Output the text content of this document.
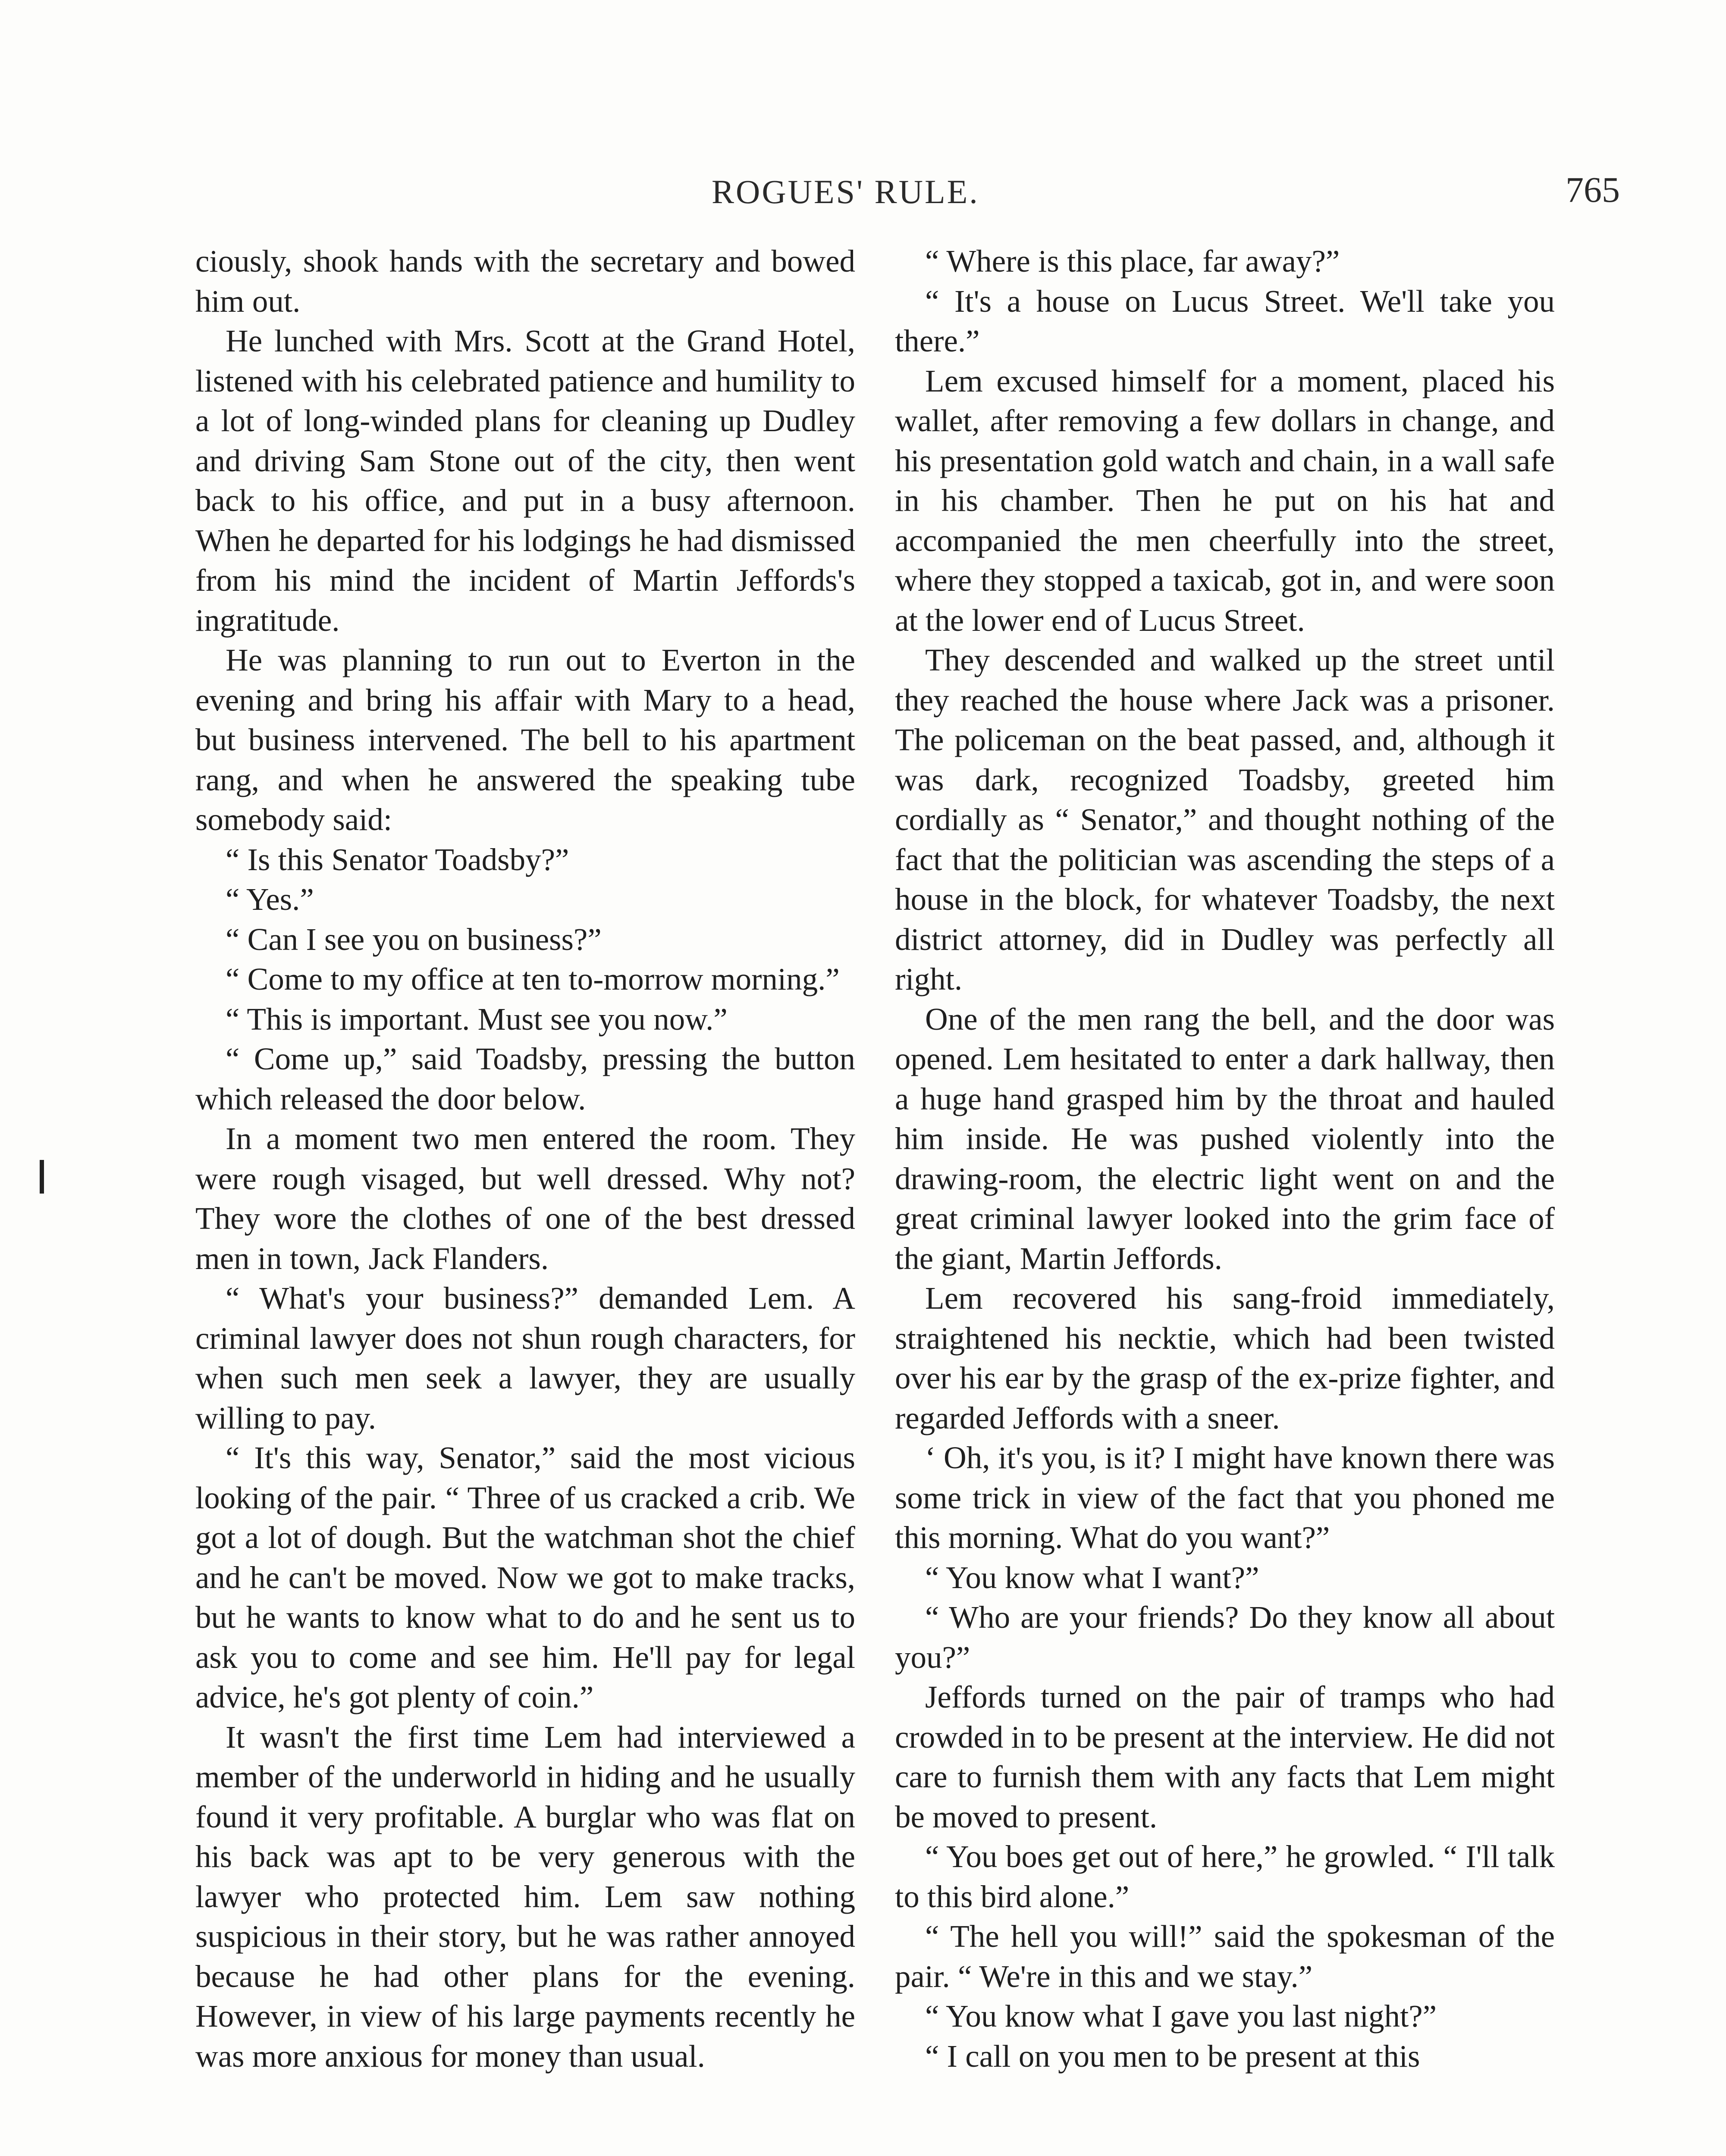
ROGUES' RULE.	765

ciously, shook hands with the secretary and bowed him out.

He lunched with Mrs. Scott at the Grand Hotel, listened with his celebrated patience and humility to a lot of long-winded plans for cleaning up Dudley and driving Sam Stone out of the city, then went back to his office, and put in a busy afternoon. When he departed for his lodgings he had dismissed from his mind the incident of Martin Jeffords's ingratitude.

He was planning to run out to Everton in the evening and bring his affair with Mary to a head, but business intervened. The bell to his apartment rang, and when he answered the speaking tube somebody said:

“ Is this Senator Toadsby?”

“ Yes.”

“ Can I see you on business?”

“ Come to my office at ten to-morrow morning.”

“ This is important. Must see you now.”

“ Come up,” said Toadsby, pressing the button which released the door below.

In a moment two men entered the room. They were rough visaged, but well dressed. Why not? They wore the clothes of one of the best dressed men in town, Jack Flanders.

“ What's your business?” demanded Lem. A criminal lawyer does not shun rough characters, for when such men seek a lawyer, they are usually willing to pay.

“ It's this way, Senator,” said the most vicious looking of the pair. “ Three of us cracked a crib. We got a lot of dough. But the watchman shot the chief and he can't be moved. Now we got to make tracks, but he wants to know what to do and he sent us to ask you to come and see him. He'll pay for legal advice, he's got plenty of coin.”

It wasn't the first time Lem had interviewed a member of the underworld in hiding and he usually found it very profitable. A burglar who was flat on his back was apt to be very generous with the lawyer who protected him. Lem saw nothing suspicious in their story, but he was rather annoyed because he had other plans for the evening. However, in view of his large payments recently he was more anxious for money than usual.

“ Where is this place, far away?”

“ It's a house on Lucus Street. We'll take you there.”

Lem excused himself for a moment, placed his wallet, after removing a few dollars in change, and his presentation gold watch and chain, in a wall safe in his chamber. Then he put on his hat and accompanied the men cheerfully into the street, where they stopped a taxicab, got in, and were soon at the lower end of Lucus Street.

They descended and walked up the street until they reached the house where Jack was a prisoner. The policeman on the beat passed, and, although it was dark, recognized Toadsby, greeted him cordially as “ Senator,” and thought nothing of the fact that the politician was ascending the steps of a house in the block, for whatever Toadsby, the next district attorney, did in Dudley was perfectly all right.

One of the men rang the bell, and the door was opened. Lem hesitated to enter a dark hallway, then a huge hand grasped him by the throat and hauled him inside. He was pushed violently into the drawing-room, the electric light went on and the great criminal lawyer looked into the grim face of the giant, Martin Jeffords.

Lem recovered his sang-froid immediately, straightened his necktie, which had been twisted over his ear by the grasp of the ex-prize fighter, and regarded Jeffords with a sneer.

‘ Oh, it's you, is it? I might have known there was some trick in view of the fact that you phoned me this morning. What do you want?”

“ You know what I want?”

“ Who are your friends? Do they know all about you?”

Jeffords turned on the pair of tramps who had crowded in to be present at the interview. He did not care to furnish them with any facts that Lem might be moved to present.

“ You boes get out of here,” he growled. “ I'll talk to this bird alone.”

“ The hell you will!” said the spokesman of the pair. “ We're in this and we stay.”

“ You know what I gave you last night?”

“ I call on you men to be present at this
